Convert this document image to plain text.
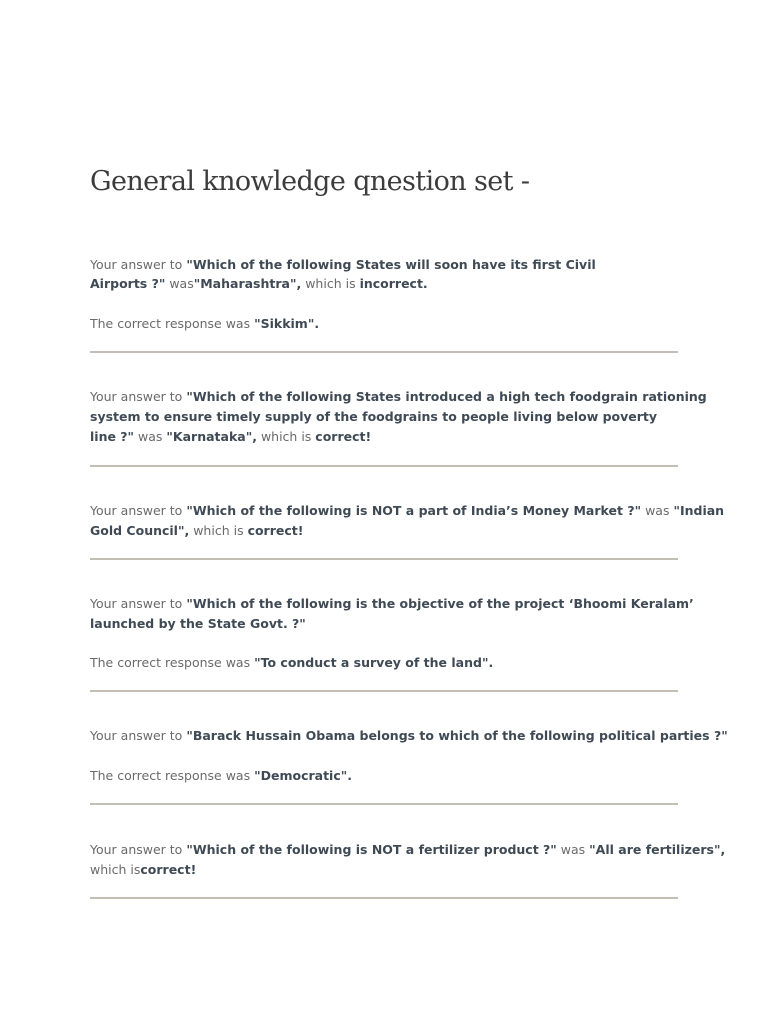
General knowledge qnestion set -
Your answer to "Which of the following States will soon have its first Civil
Airports ?" was"Maharashtra", which is incorrect.
The correct response was "Sikkim".
Your answer to "Which of the following States introduced a high tech foodgrain rationing
system to ensure timely supply of the foodgrains to people living below poverty
line ?" was "Karnataka", which is correct!
Your answer to "Which of the following is NOT a part of India’s Money Market ?" was "Indian
Gold Council", which is correct!
Your answer to "Which of the following is the objective of the project ‘Bhoomi Keralam’
launched by the State Govt. ?"
The correct response was "To conduct a survey of the land".
Your answer to "Barack Hussain Obama belongs to which of the following political parties ?"
The correct response was "Democratic".
Your answer to "Which of the following is NOT a fertilizer product ?" was "All are fertilizers",
which iscorrect!
